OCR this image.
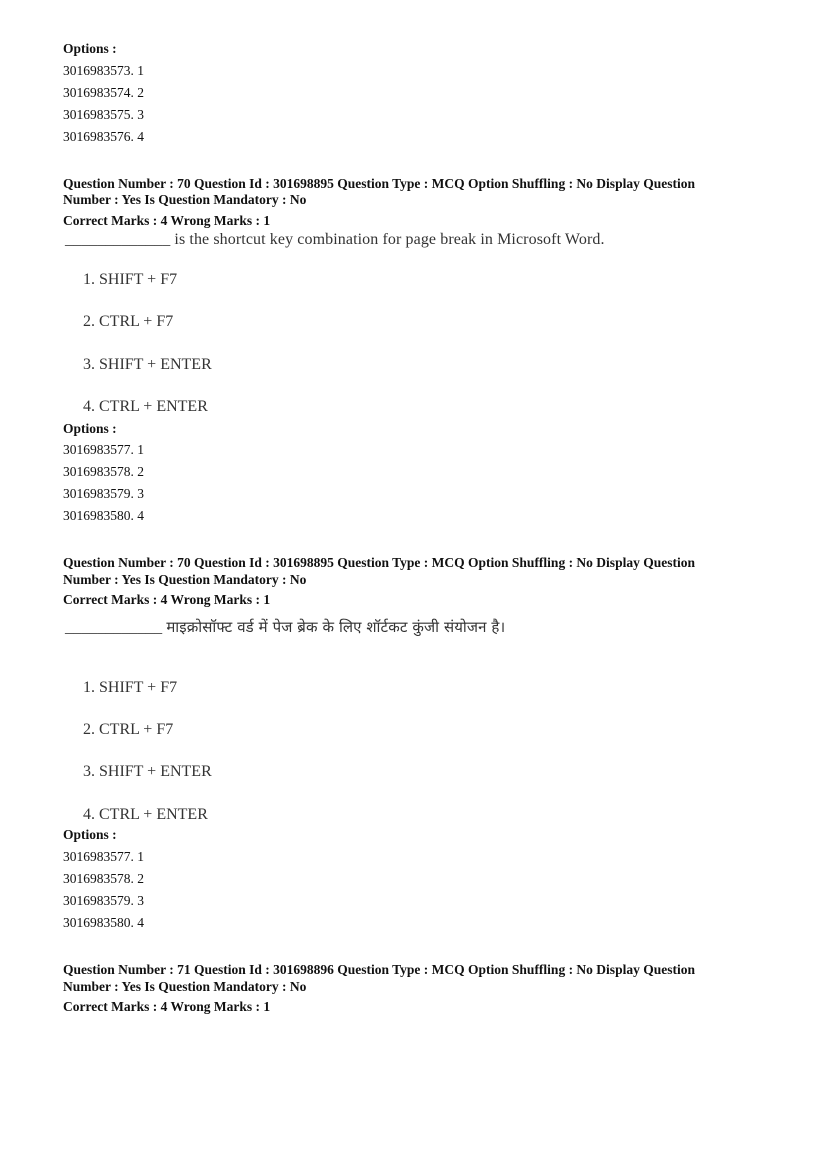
Options :
3016983573. 1
3016983574. 2
3016983575. 3
3016983576. 4
Question Number : 70 Question Id : 301698895 Question Type : MCQ Option Shuffling : No Display Question
Number : Yes Is Question Mandatory : No
Correct Marks : 4 Wrong Marks : 1
_____________ is the shortcut key combination for page break in Microsoft Word.
1. SHIFT + F7
2. CTRL + F7
3. SHIFT + ENTER
4. CTRL + ENTER
Options :
3016983577. 1
3016983578. 2
3016983579. 3
3016983580. 4
Question Number : 70 Question Id : 301698895 Question Type : MCQ Option Shuffling : No Display Question
Number : Yes Is Question Mandatory : No
Correct Marks : 4 Wrong Marks : 1
____________ माइक्रोसॉफ्ट वर्ड में पेज ब्रेक के लिए शॉर्टकट कुंजी संयोजन है।
1. SHIFT + F7
2. CTRL + F7
3. SHIFT + ENTER
4. CTRL + ENTER
Options :
3016983577. 1
3016983578. 2
3016983579. 3
3016983580. 4
Question Number : 71 Question Id : 301698896 Question Type : MCQ Option Shuffling : No Display Question
Number : Yes Is Question Mandatory : No
Correct Marks : 4 Wrong Marks : 1
